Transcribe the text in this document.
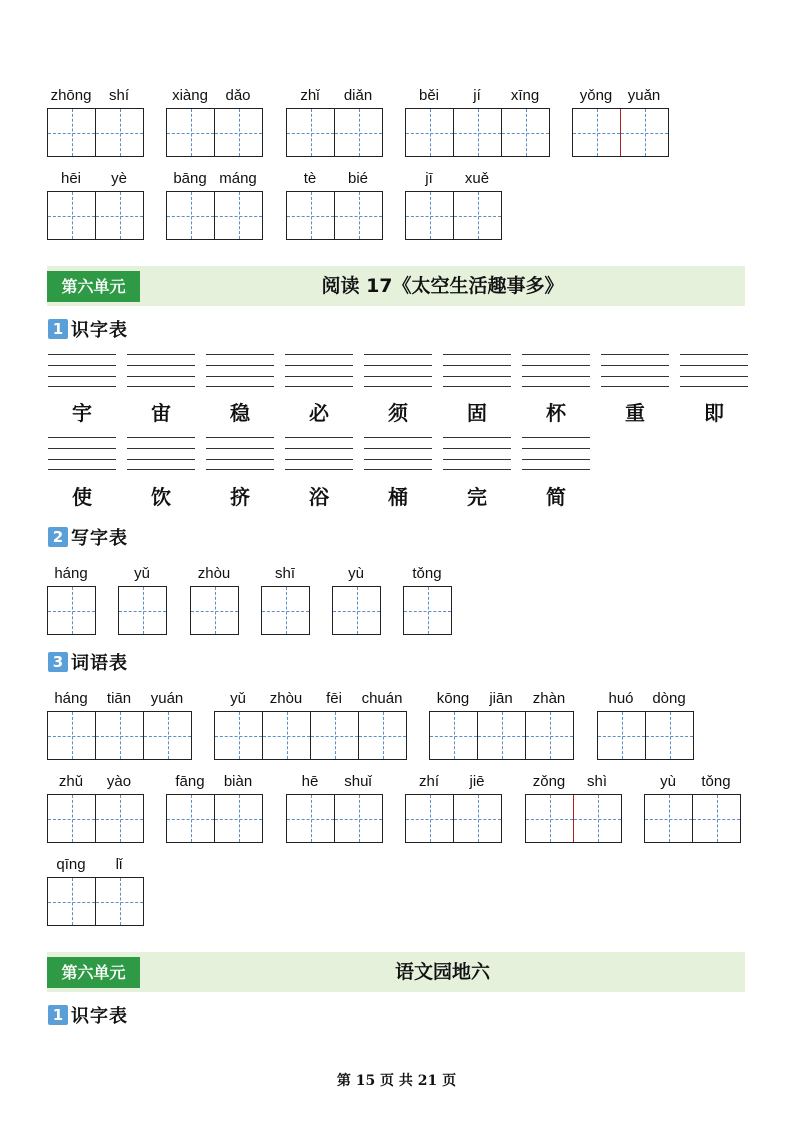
zhōng	shí	xiàng	dǎo	zhǐ	diǎn	běi	jí	xīng	yǒng	yuǎn
hēi	yè	bāng máng	tè	bié	jī	xuě
第六单元	阅读 17《太空生活趣事多》
1 识字表
宇	宙	稳	必	须	固	杯	重	即
使	饮	挤	浴	桶	完	简
2 写字表
háng	yǔ	zhòu	shī	yù	tǒng
3 词语表
háng	tiān	yuán	yǔ	zhòu	fēi	chuán	kōng	jiān	zhàn	huó	dòng
zhǔ	yào	fāng	biàn	hē	shuǐ	zhí	jiē	zǒng	shì	yù	tǒng
qīng	lǐ
第六单元	语文园地六
1 识字表
第 15 页 共 21 页
